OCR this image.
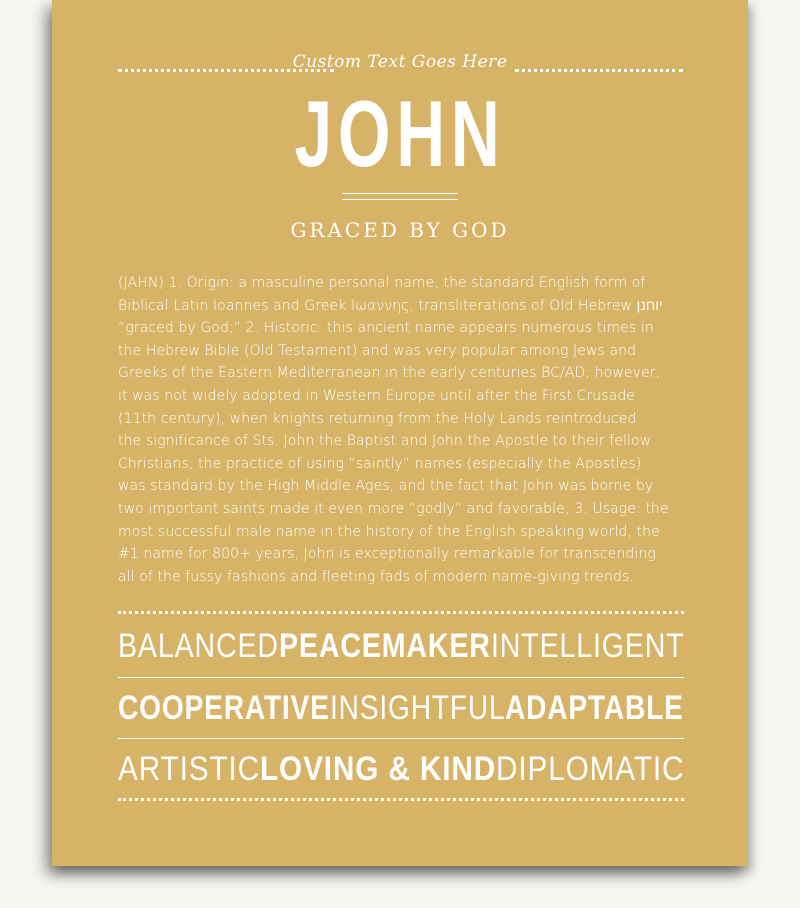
Custom Text Goes Here
JOHN
GRACED BY GOD
(JAHN) 1. Origin: a masculine personal name, the standard English form of
Biblical Latin Ioannes and Greek Ιωαννης, transliterations of Old Hebrew יוחנן
“graced by God;” 2. Historic: this ancient name appears numerous times in
the Hebrew Bible (Old Testament) and was very popular among Jews and
Greeks of the Eastern Mediterranean in the early centuries BC/AD; however,
it was not widely adopted in Western Europe until after the First Crusade
(11th century), when knights returning from the Holy Lands reintroduced
the significance of Sts. John the Baptist and John the Apostle to their fellow
Christians; the practice of using “saintly” names (especially the Apostles)
was standard by the High Middle Ages, and the fact that John was borne by
two important saints made it even more “godly” and favorable; 3. Usage: the
most successful male name in the history of the English speaking world, the
#1 name for 800+ years, John is exceptionally remarkable for transcending
all of the fussy fashions and fleeting fads of modern name-giving trends.
BALANCED PEACEMAKER INTELLIGENT
COOPERATIVE INSIGHTFUL ADAPTABLE
ARTISTIC LOVING & KIND DIPLOMATIC
